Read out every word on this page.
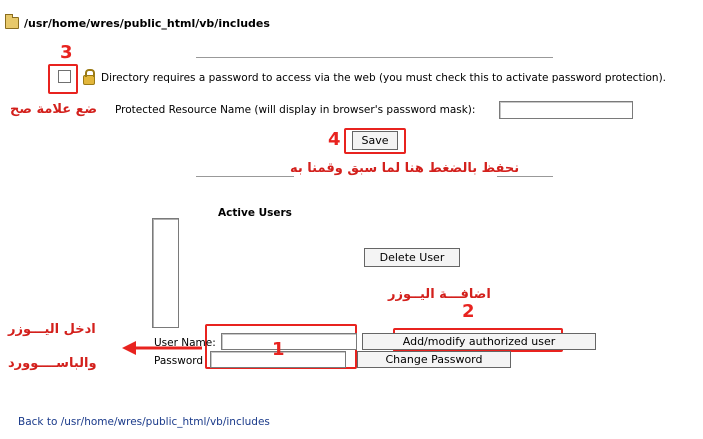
/usr/home/wres/public_html/vb/includes
Directory requires a password to access via the web (you must check this to activate password protection).
3
ضع علامة صح Protected Resource Name (will display in browser's password mask):
Save
4
نحفظ بالضغط هنا لما سبق وقمنا به
Active Users
Delete User
اضافـــة اليــوزر
2
User Name:
Password
1	Add/modify authorized user
Change Password
ادخل اليـــوزر
والباســــوورد
Back to /usr/home/wres/public_html/vb/includes
